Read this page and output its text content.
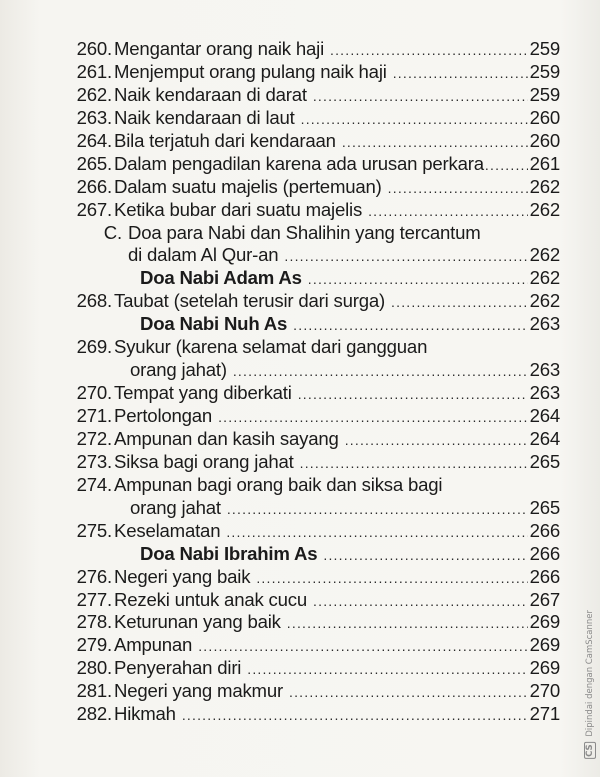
260. Mengantar orang naik haji .....	259
261. Menjemput orang pulang naik haji .....	259
262. Naik kendaraan di darat .....	259
263. Naik kendaraan di laut .....	260
264. Bila terjatuh dari kendaraan .....	260
265. Dalam pengadilan karena ada urusan perkara ..... 261
266. Dalam suatu majelis (pertemuan) .....	262
267. Ketika bubar dari suatu majelis .....	262
C. Doa para Nabi dan Shalihin yang tercantum
di dalam Al Qur-an .....	262
Doa Nabi Adam As .....	262
268. Taubat (setelah terusir dari surga) .....	262
Doa Nabi Nuh As .....	263
269. Syukur (karena selamat dari gangguan
orang jahat) .....	263
270. Tempat yang diberkati .....	263
271. Pertolongan .....	264
272. Ampunan dan kasih sayang .....	264
273. Siksa bagi orang jahat .....	265
274. Ampunan bagi orang baik dan siksa bagi
orang jahat .....	265
275. Keselamatan .....	266
Doa Nabi Ibrahim As .....	266
276. Negeri yang baik .....	266
277. Rezeki untuk anak cucu .....	267
278. Keturunan yang baik .....	269
279. Ampunan .....	269
280. Penyerahan diri .....	269
281. Negeri yang makmur .....	270
282. Hikmah .....	271
CS Dipindai dengan CamScanner
